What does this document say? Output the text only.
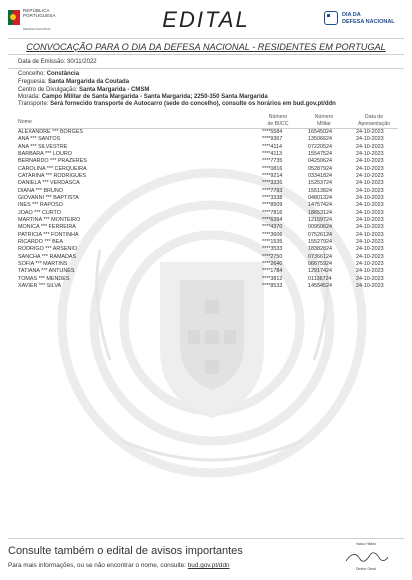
REPÚBLICA
PORTUGUESA
DEFESA NACIONAL	EDITAL	DIA DA
DEFESA NACIONAL
CONVOCAÇÃO PARA O DIA DA DEFESA NACIONAL - RESIDENTES EM PORTUGAL
Data de Emissão: 30/11/2022
Concelho: Constância
Freguesia: Santa Margarida da Coutada
Centro de Divulgação: Santa Margarida - CMSM
Morada: Campo Militar de Santa Margarida - Santa Margarida; 2250-350 Santa Margarida
Transporte: Será fornecido transporte de Autocarro (sede do concelho), consulte os horários em bud.gov.pt/ddn
Nome
Número
de BI/CC
Número
Militar
Data de
Apresentação
ALEXANDRE *** BORGES	****5584	16545024	24-10-2023
ANA *** SANTOS	****9367	13506624	24-10-2023
ANA *** SILVESTRE	****4114	07220524	24-10-2023
BARBARA *** LOURO	****4113	15547524	24-10-2023
BERNARDO *** PRAZERES	****7735	04250624	24-10-2023
CAROLINA *** CERQUEIRA	****0816	05287924	24-10-2023
CATARINA *** RODRIGUES	****9214	03341824	24-10-2023
DANIELA *** VERDASCA	****3336	15253724	24-10-2023
DIANA *** BRUNO	****7793	15513824	24-10-2023
GIOVANNI *** BAPTISTA	****3338	04801324	24-10-2023
INES *** RAPOSO	****8509	14757424	24-10-2023
JOAO *** CURTO	****7816	18653124	24-10-2023
MARTINA *** MONTEIRO	****6394	12159724	24-10-2023
MONICA *** FERREIRA	****4370	00950624	24-10-2023
PATRICIA *** FONTINHA	****3606	07526124	24-10-2023
RICARDO *** BEA	****1535	15527924	24-10-2023
RODRIGO *** ARSENIO	****3533	18382824	24-10-2023
SANCHA *** RAMADAS	****2750	07366124	24-10-2023
SOFIA *** MARTINS	****2640	06675924	24-10-2023
TATIANA *** ANTUNES	****1784	12917424	24-10-2023
TOMAS *** MENDES	****3812	01136724	24-10-2023
XAVIER *** SILVA	****8533	14554524	24-10-2023
Consulte também o edital de avisos importantes
Para mais informações, ou se não encontrar o nome, consulte: bud.gov.pt/ddn
Vasco Hilário
Diretor Geral
